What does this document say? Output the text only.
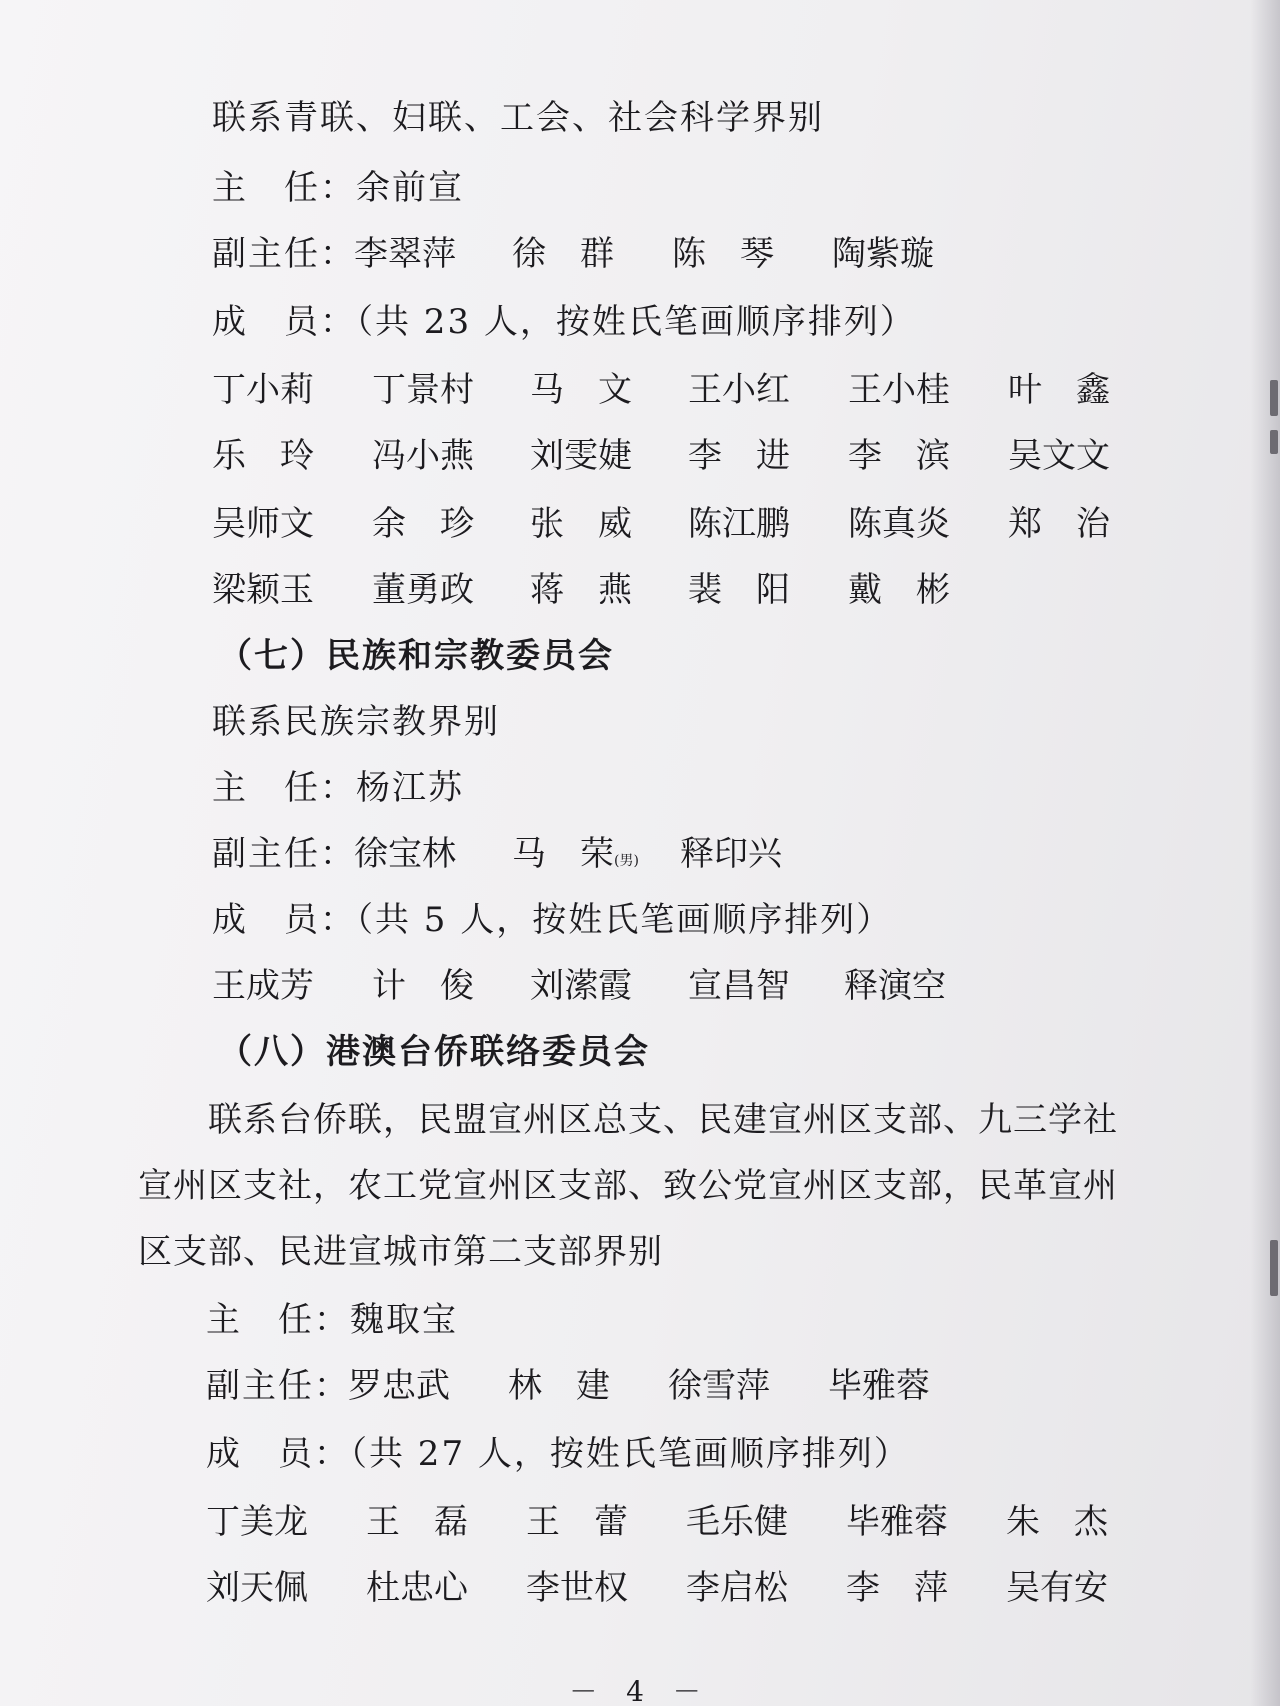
联系青联、妇联、工会、社会科学界别
主　任：余前宣
副主任：
李翠萍 徐　群 陈　琴 陶紫璇
成　员：（共 23 人，按姓氏笔画顺序排列）
丁小莉 丁景村 马　文 王小红 王小桂 叶　鑫
乐　玲 冯小燕 刘雯婕 李　进 李　滨 吴文文
吴师文 余　珍 张　威 陈江鹏 陈真炎 郑　治
梁颖玉 董勇政 蒋　燕 裴　阳 戴　彬
（七）民族和宗教委员会
联系民族宗教界别
主　任：杨江苏
副主任：
徐宝林 马　荣(男) 释印兴
成　员：（共 5 人，按姓氏笔画顺序排列）
王成芳 计　俊 刘潆霞 宣昌智 释演空
（八）港澳台侨联络委员会
联系台侨联，民盟宣州区总支、民建宣州区支部、九三学社
宣州区支社，农工党宣州区支部、致公党宣州区支部，民革宣州
区支部、民进宣城市第二支部界别
主　任：魏取宝
副主任：
罗忠武 林　建 徐雪萍 毕雅蓉
成　员：（共 27 人，按姓氏笔画顺序排列）
丁美龙 王　磊 王　蕾 毛乐健 毕雅蓉 朱　杰
刘天佩 杜忠心 李世权 李启松 李　萍 吴有安
－ 4 －
